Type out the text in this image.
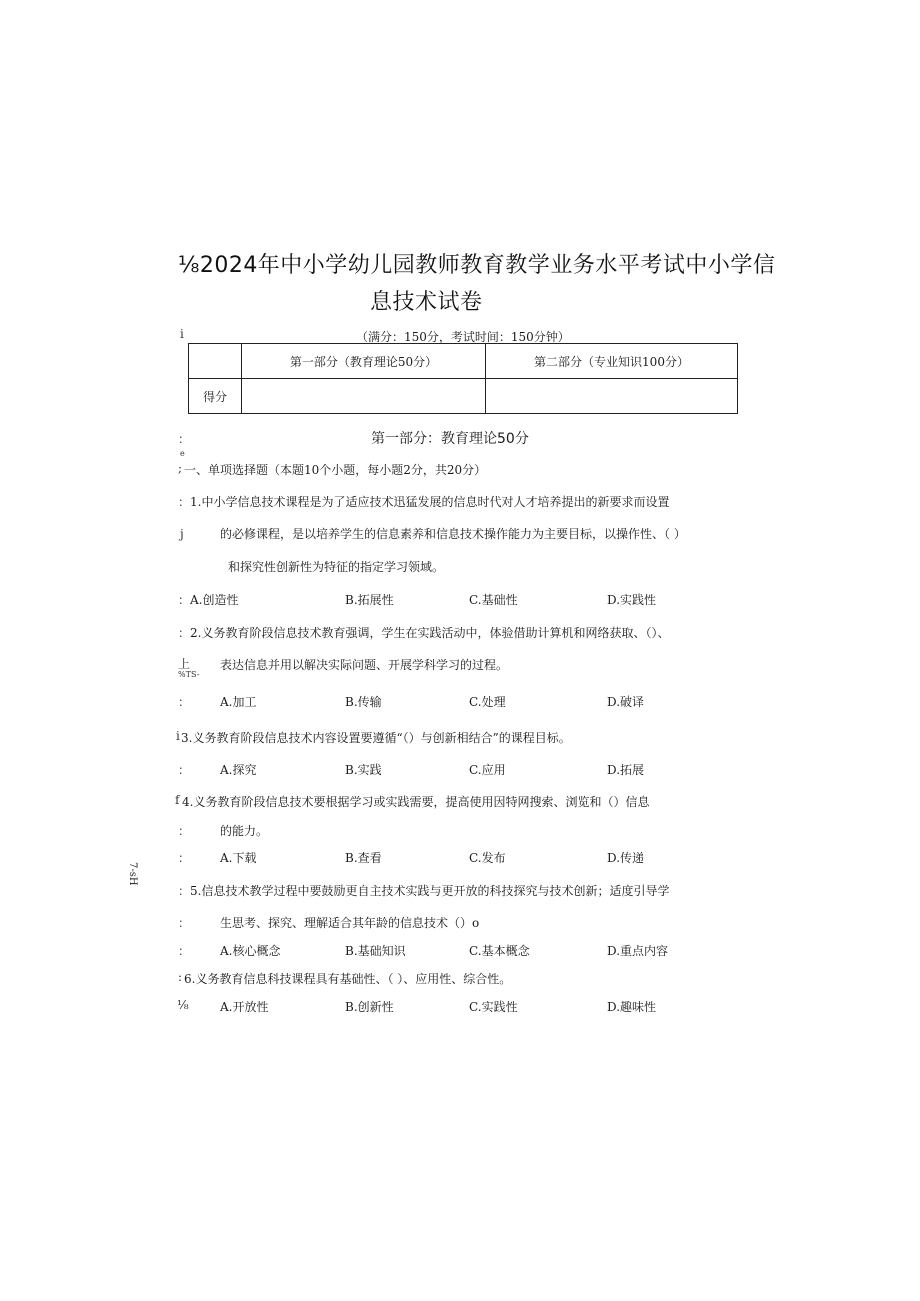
⅛2024年中小学幼儿园教师教育教学业务水平考试中小学信
息技术试卷
i	（满分：150分，考试时间：150分钟）
	第一部分（教育理论50分）	第二部分（专业知识100分）
得分		
：	第一部分：教育理论50分
e
; 一、单项选择题（本题10个小题，每小题2分，共20分）
： 1.中小学信息技术课程是为了适应技术迅猛发展的信息时代对人才培养提出的新要求而设置
j	的必修课程，是以培养学生的信息素养和信息技术操作能力为主要目标，以操作性、（ ）
和探究性创新性为特征的指定学习领域。
： A.创造性	B.拓展性	C.基础性	D.实践性
： 2.义务教育阶段信息技术教育强调，学生在实践活动中，体验借助计算机和网络获取、（）、
上
%TS-
表达信息并用以解决实际问题、开展学科学习的过程。
： A.加工	B.传输	C.处理	D.破译
i 3.义务教育阶段信息技术内容设置要遵循“（）与创新相结合”的课程目标。
： A.探究	B.实践	C.应用	D.拓展
f 4.义务教育阶段信息技术要根据学习或实践需要，提高使用因特网搜索、浏览和（）信息
： 的能力。
： A.下载	B.查看	C.发布	D.传递
7-sH
： 5.信息技术教学过程中要鼓励更自主技术实践与更开放的科技探究与技术创新；适度引导学
： 生思考、探究、理解适合其年龄的信息技术（）o
： A.核心概念	B.基础知识	C.基本概念	D.重点内容
: 6.义务教育信息科技课程具有基础性、（ ）、应用性、综合性。
⅛	A.开放性	B.创新性	C.实践性	D.趣味性
